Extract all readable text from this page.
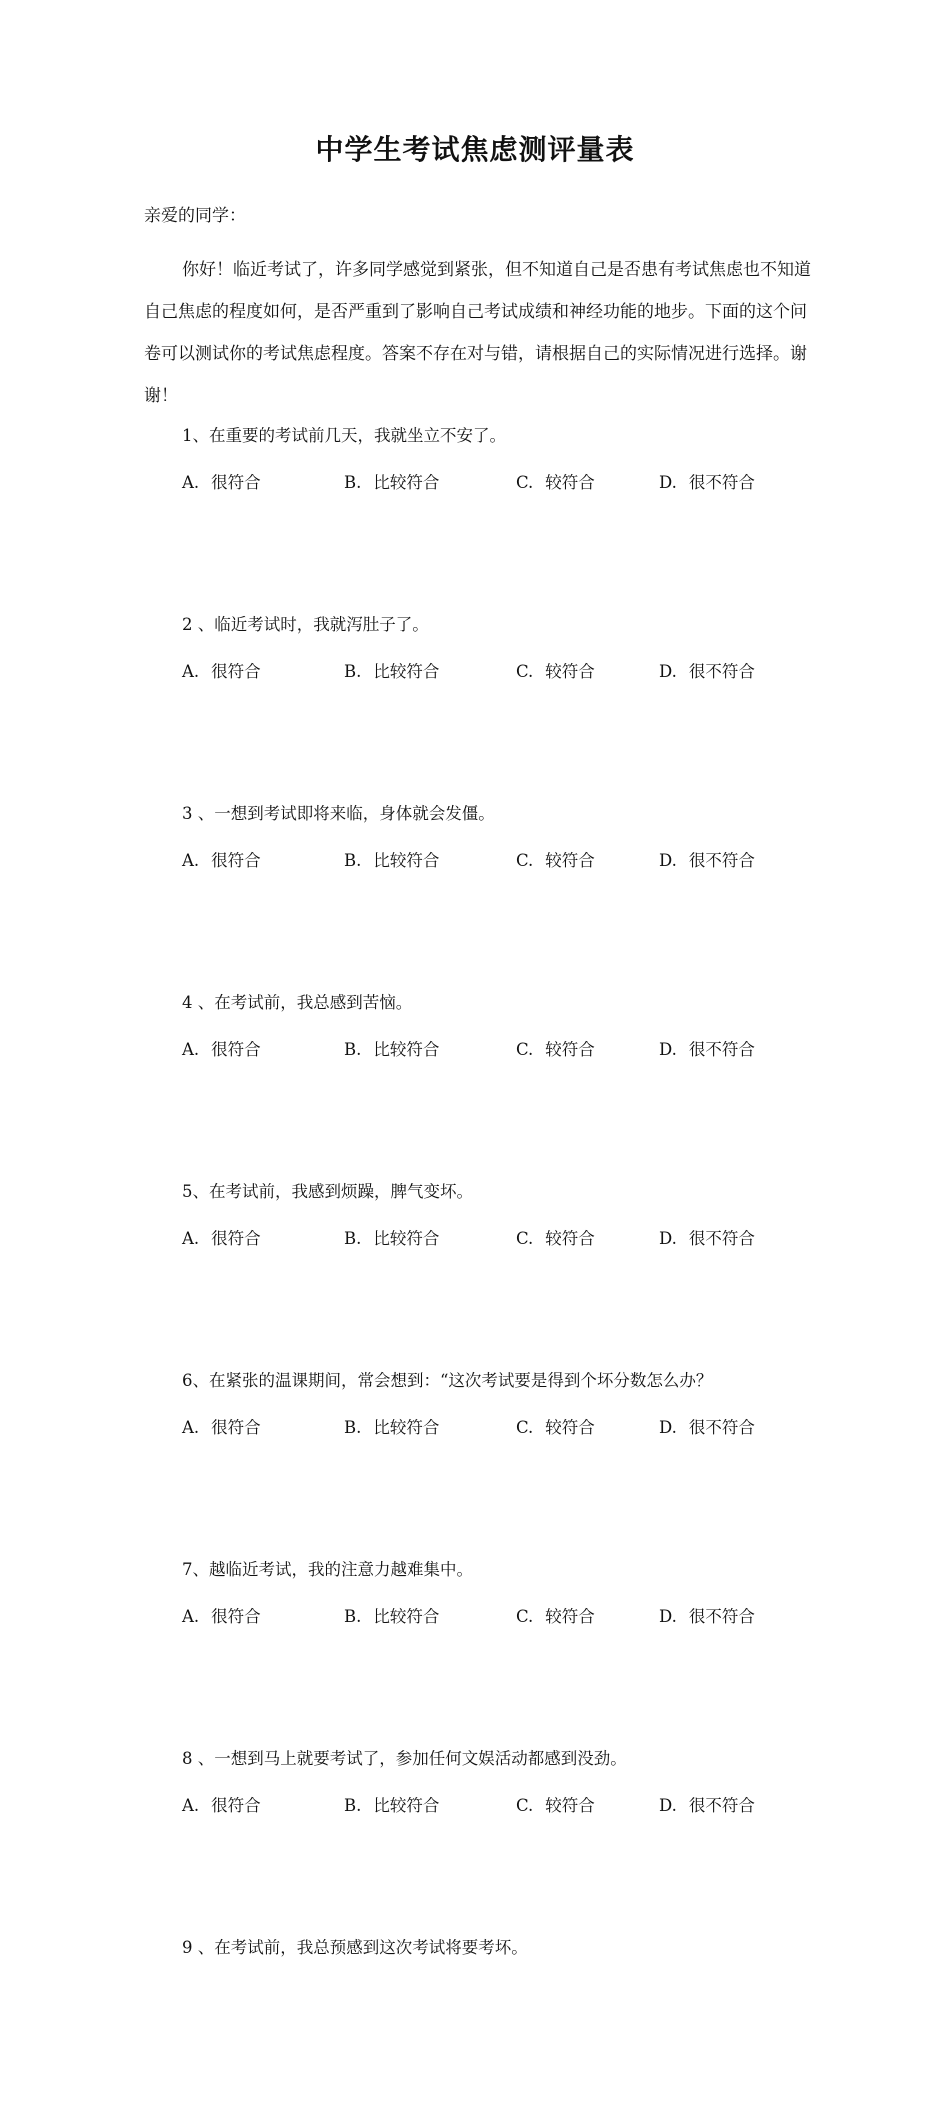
中学生考试焦虑测评量表
亲爱的同学：
你好！临近考试了，许多同学感觉到紧张，但不知道自己是否患有考试焦虑也不知道自己焦虑的程度如何，是否严重到了影响自己考试成绩和神经功能的地步。下面的这个问卷可以测试你的考试焦虑程度。答案不存在对与错，请根据自己的实际情况进行选择。谢谢！
1、在重要的考试前几天，我就坐立不安了。
A. 很符合	B. 比较符合	C. 较符合	D. 很不符合
2 、临近考试时，我就泻肚子了。
A. 很符合	B. 比较符合	C. 较符合	D. 很不符合
3 、一想到考试即将来临，身体就会发僵。
A. 很符合	B. 比较符合	C. 较符合	D. 很不符合
4 、在考试前，我总感到苦恼。
A. 很符合	B. 比较符合	C. 较符合	D. 很不符合
5、在考试前，我感到烦躁，脾气变坏。
A. 很符合	B. 比较符合	C. 较符合	D. 很不符合
6、在紧张的温课期间，常会想到：“这次考试要是得到个坏分数怎么办？
A. 很符合	B. 比较符合	C. 较符合	D. 很不符合
7、越临近考试，我的注意力越难集中。
A. 很符合	B. 比较符合	C. 较符合	D. 很不符合
8 、一想到马上就要考试了，参加任何文娱活动都感到没劲。
A. 很符合	B. 比较符合	C. 较符合	D. 很不符合
9 、在考试前，我总预感到这次考试将要考坏。
